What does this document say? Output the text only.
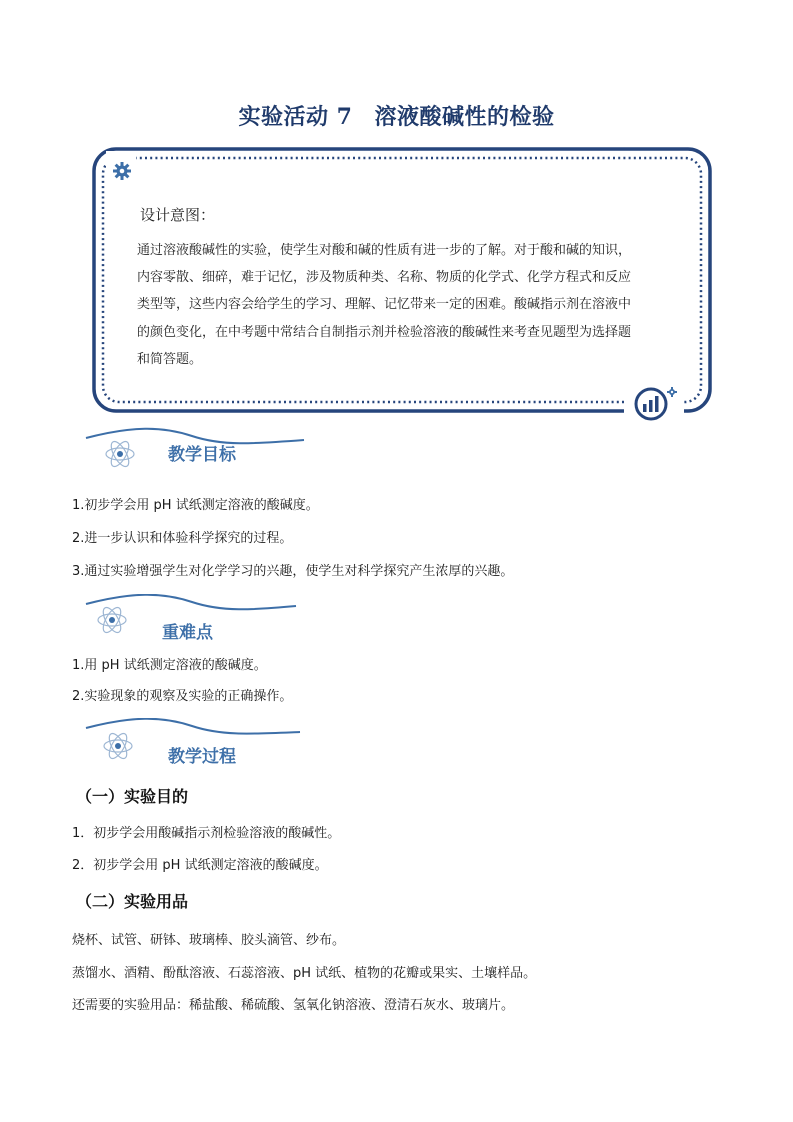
实验活动 7 溶液酸碱性的检验
设计意图：
通过溶液酸碱性的实验，使学生对酸和碱的性质有进一步的了解。对于酸和碱的知识，
内容零散、细碎，难于记忆，涉及物质种类、名称、物质的化学式、化学方程式和反应
类型等，这些内容会给学生的学习、理解、记忆带来一定的困难。酸碱指示剂在溶液中
的颜色变化，在中考题中常结合自制指示剂并检验溶液的酸碱性来考查见题型为选择题
和简答题。
教学目标
1.初步学会用 pH 试纸测定溶液的酸碱度。
2.进一步认识和体验科学探究的过程。
3.通过实验增强学生对化学学习的兴趣，使学生对科学探究产生浓厚的兴趣。
重难点
1.用 pH 试纸测定溶液的酸碱度。
2.实验现象的观察及实验的正确操作。
教学过程
（一）实验目的
1．初步学会用酸碱指示剂检验溶液的酸碱性。
2．初步学会用 pH 试纸测定溶液的酸碱度。
（二）实验用品
烧杯、试管、研钵、玻璃棒、胶头滴管、纱布。
蒸馏水、酒精、酚酞溶液、石蕊溶液、pH 试纸、植物的花瓣或果实、土壤样品。
还需要的实验用品：稀盐酸、稀硫酸、氢氧化钠溶液、澄清石灰水、玻璃片。
